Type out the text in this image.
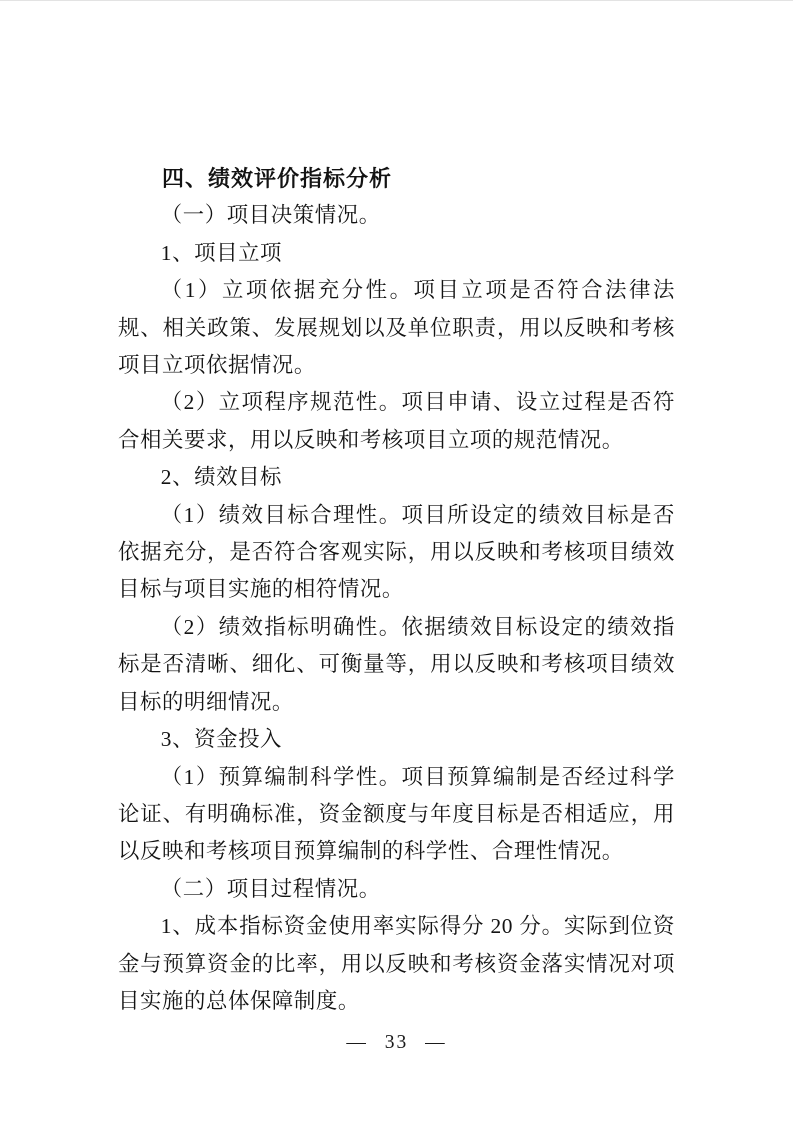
四、绩效评价指标分析

（一）项目决策情况。

1、项目立项

（1）立项依据充分性。项目立项是否符合法律法规、相关政策、发展规划以及单位职责，用以反映和考核项目立项依据情况。

（2）立项程序规范性。项目申请、设立过程是否符合相关要求，用以反映和考核项目立项的规范情况。

2、绩效目标

（1）绩效目标合理性。项目所设定的绩效目标是否依据充分，是否符合客观实际，用以反映和考核项目绩效目标与项目实施的相符情况。

（2）绩效指标明确性。依据绩效目标设定的绩效指标是否清晰、细化、可衡量等，用以反映和考核项目绩效目标的明细情况。

3、资金投入

（1）预算编制科学性。项目预算编制是否经过科学论证、有明确标准，资金额度与年度目标是否相适应，用以反映和考核项目预算编制的科学性、合理性情况。

（二）项目过程情况。

1、成本指标资金使用率实际得分 20 分。实际到位资金与预算资金的比率，用以反映和考核资金落实情况对项目实施的总体保障制度。

— 33 —
